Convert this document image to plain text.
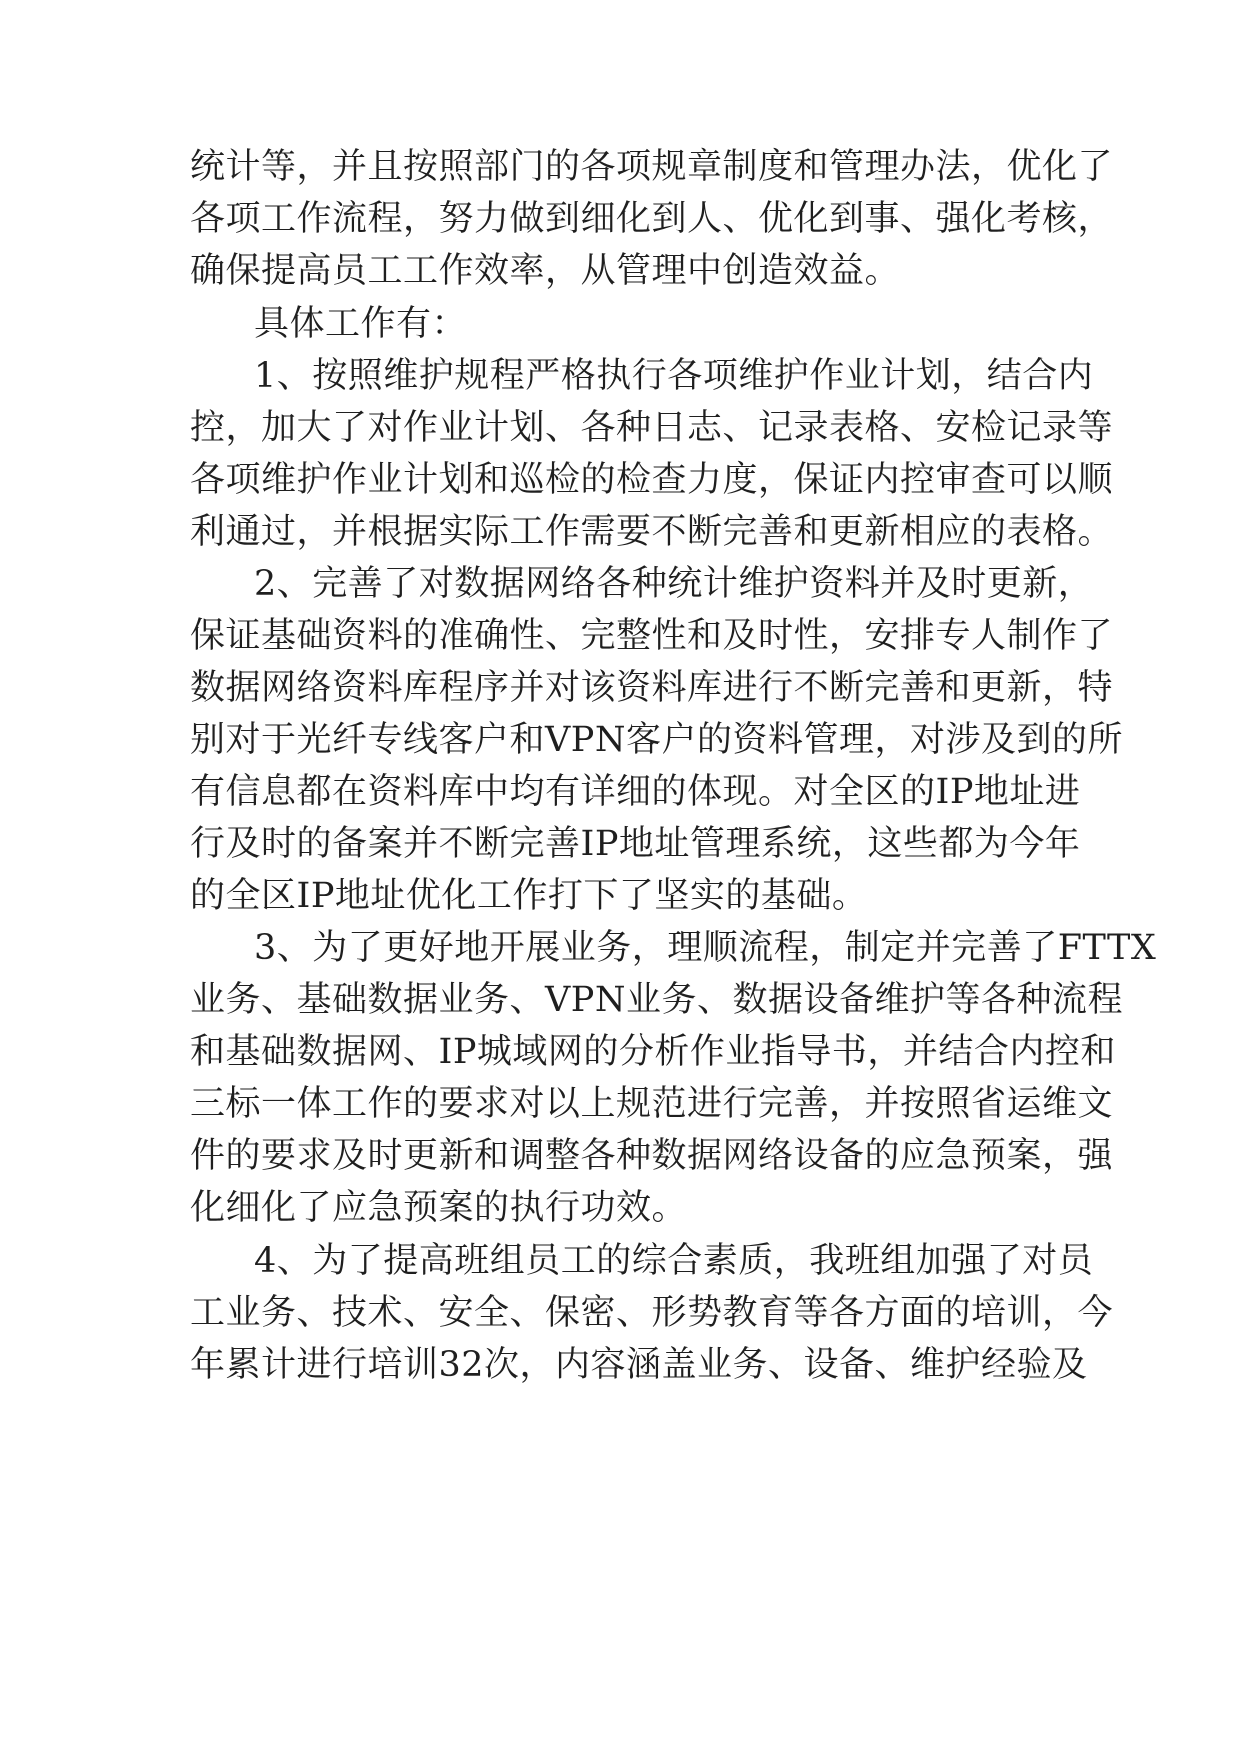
统计等，并且按照部门的各项规章制度和管理办法，优化了
各项工作流程，努力做到细化到人、优化到事、强化考核，
确保提高员工工作效率，从管理中创造效益。
具体工作有：
1、按照维护规程严格执行各项维护作业计划，结合内
控，加大了对作业计划、各种日志、记录表格、安检记录等
各项维护作业计划和巡检的检查力度，保证内控审查可以顺
利通过，并根据实际工作需要不断完善和更新相应的表格。
2、完善了对数据网络各种统计维护资料并及时更新，
保证基础资料的准确性、完整性和及时性，安排专人制作了
数据网络资料库程序并对该资料库进行不断完善和更新，特
别对于光纤专线客户和VPN客户的资料管理，对涉及到的所
有信息都在资料库中均有详细的体现。对全区的IP地址进
行及时的备案并不断完善IP地址管理系统，这些都为今年
的全区IP地址优化工作打下了坚实的基础。
3、为了更好地开展业务，理顺流程，制定并完善了FTTX
业务、基础数据业务、VPN业务、数据设备维护等各种流程
和基础数据网、IP城域网的分析作业指导书，并结合内控和
三标一体工作的要求对以上规范进行完善，并按照省运维文
件的要求及时更新和调整各种数据网络设备的应急预案，强
化细化了应急预案的执行功效。
4、为了提高班组员工的综合素质，我班组加强了对员
工业务、技术、安全、保密、形势教育等各方面的培训，今
年累计进行培训32次，内容涵盖业务、设备、维护经验及
